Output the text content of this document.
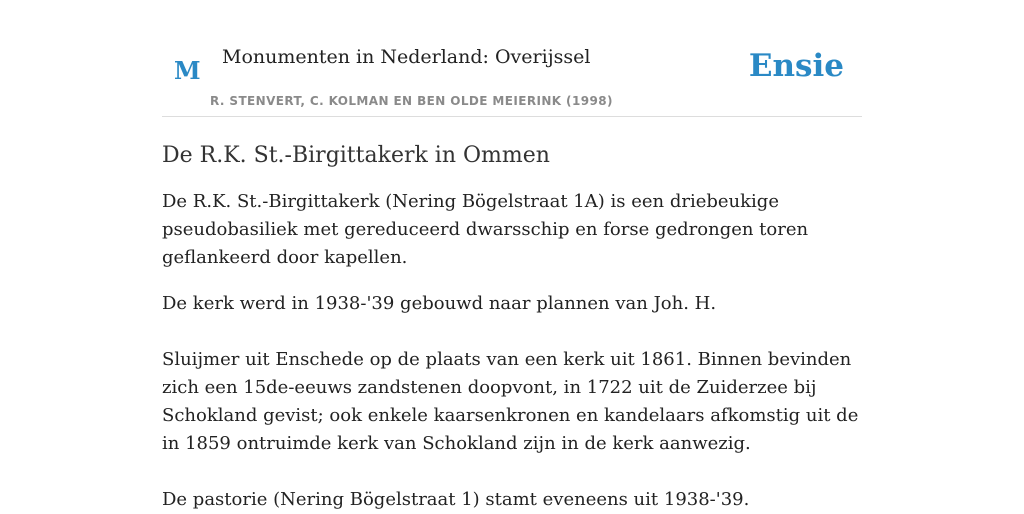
M Monumenten in Nederland: Overijssel
R. STENVERT, C. KOLMAN EN BEN OLDE MEIERINK (1998)
Ensie
De R.K. St.-Birgittakerk in Ommen

De R.K. St.-Birgittakerk (Nering Bögelstraat 1A) is een driebeukige pseudobasiliek met gereduceerd dwarsschip en forse gedrongen toren geflankeerd door kapellen.

De kerk werd in 1938-'39 gebouwd naar plannen van Joh. H.

Sluijmer uit Enschede op de plaats van een kerk uit 1861. Binnen bevinden zich een 15de-eeuws zandstenen doopvont, in 1722 uit de Zuiderzee bij Schokland gevist; ook enkele kaarsenkronen en kandelaars afkomstig uit de in 1859 ontruimde kerk van Schokland zijn in de kerk aanwezig.

De pastorie (Nering Bögelstraat 1) stamt eveneens uit 1938-'39.
